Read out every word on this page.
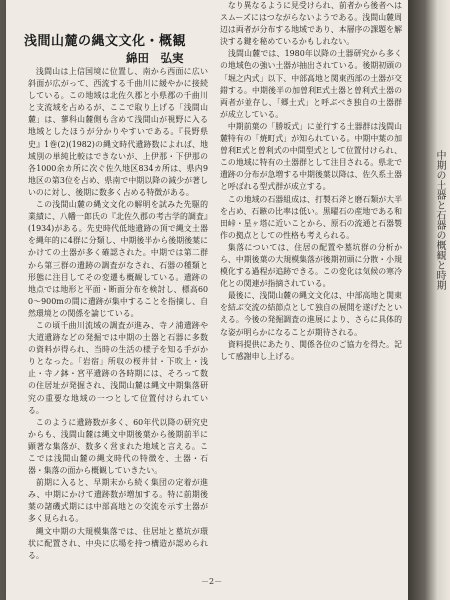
浅間山麓の縄文文化・概観
綿田　弘実

浅間山は上信国境に位置し、南から西面に広い斜面が広がって、西流する千曲川に緩やかに接続している。この地域は北佐久郡と小県郡の千曲川と支流域を占めるが、ここで取り上げる「浅間山麓」は、蓼科山麓側も含めて浅間山が視野に入る地域としたほうが分かりやすいである。『長野県史』1巻(2)(1982)の縄文時代遺跡数によれば、地域別の単純比較はできないが、上伊那・下伊那の各1000余カ所に次ぐ佐久地区834カ所は、県内9地区の第3位を占め、県南で中期以降の減少が著しいのに対し、後期に数多く占める特徴がある。

この浅間山麓の縄文文化の解明を試みた先駆的業績に、八幡一郎氏の『北佐久郡の考古学的調査』(1934)がある。先史時代低地遺跡の頂で縄文土器を縄年的に4群に分類し、中期後半から後期後葉にかけての土器が多く確認された。中期では第二群から第三群の遺跡の調査がなされ、石器の種類と形態に注目してその変遷も概観している。遺跡の地点では地形と平面・断面分布を検討し、標高600〜900mの間に遺跡が集中することを指摘し、自然環境との関係を論じている。

この頃千曲川流域の調査が進み、寺ノ浦遺跡や大道遺跡などの発掘では中期の土器と石器に多数の資料が得られ、当時の生活の様子を知る手がかりとなった。「岩宿」所収の桜井甘・下吹上・浅止・寺ノ鉢・宮平遺跡の各時期には、そろって数の住居址が発掘され、浅間山麓は縄文中期集落研究の重要な地域の一つとして位置付けられている。

このように遺跡数が多く、60年代以降の研究史からも、浅間山麓は縄文中期後葉から後期前半に顕著な集落が、数多く営まれた地域と言える。ここでは浅間山麓の縄文時代の特徴を、土器・石器・集落の面から概観していきたい。

前期に入ると、早期末から続く集団の定着が進み、中期にかけて遺跡数が増加する。特に前期後葉の諸磯式期には中部高地との交流を示す土器が多く見られる。

縄文中期の大規模集落では、住居址と墓坑が環状に配置され、中央に広場を持つ構造が認められる。

なり異なるように見受けられ、前者から後者へはスムーズにはつながらないようである。浅間山麓周辺は両者が分布する地域であり、本層序の課題を解決する鍵を秘めているかもしれない。

浅間山麓では、1980年以降の土器研究から多くの地域色の強い土器が抽出されている。後期初頭の「堀之内式」以下、中部高地と関東西部の土器が交錯する。中期後半の加曽利E式土器と曽利式土器の両者が並存し、「郷土式」と呼ぶべき独自の土器群が成立している。

中期前葉の「勝坂式」に並行する土器群は浅間山麓特有の「焼町式」が知られている。中期中葉の加曽利E式と曽利式の中間型式として位置付けられ、この地域に特有の土器群として注目される。県北で遺跡の分布が急増する中期後葉以降は、佐久系土器と呼ばれる型式群が成立する。

この地域の石器組成は、打製石斧と磨石類が大半を占め、石鏃の比率は低い。黒曜石の産地である和田峠・星ヶ塔に近いことから、原石の流通と石器製作の拠点としての性格も考えられる。

集落については、住居の配置や墓坑群の分析から、中期後葉の大規模集落が後期初頭に分散・小規模化する過程が追跡できる。この変化は気候の寒冷化との関連が指摘されている。

最後に、浅間山麓の縄文文化は、中部高地と関東を結ぶ交流の結節点として独自の展開を遂げたといえる。今後の発掘調査の進展により、さらに具体的な姿が明らかになることが期待される。

資料提供にあたり、関係各位のご協力を得た。記して感謝申し上げる。

－2－
中期の土器と石器の概観と時期
